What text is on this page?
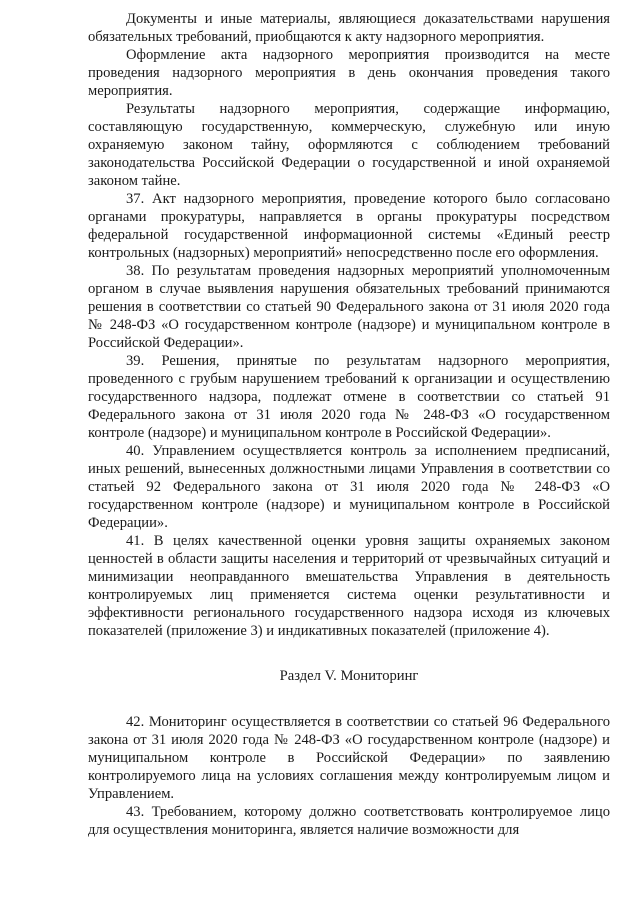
Документы и иные материалы, являющиеся доказательствами нарушения обязательных требований, приобщаются к акту надзорного мероприятия.

Оформление акта надзорного мероприятия производится на месте проведения надзорного мероприятия в день окончания проведения такого мероприятия.

Результаты надзорного мероприятия, содержащие информацию, составляющую государственную, коммерческую, служебную или иную охраняемую законом тайну, оформляются с соблюдением требований законодательства Российской Федерации о государственной и иной охраняемой законом тайне.

37. Акт надзорного мероприятия, проведение которого было согласовано органами прокуратуры, направляется в органы прокуратуры посредством федеральной государственной информационной системы «Единый реестр контрольных (надзорных) мероприятий» непосредственно после его оформления.

38. По результатам проведения надзорных мероприятий уполномоченным органом в случае выявления нарушения обязательных требований принимаются решения в соответствии со статьей 90 Федерального закона от 31 июля 2020 года № 248-ФЗ «О государственном контроле (надзоре) и муниципальном контроле в Российской Федерации».

39. Решения, принятые по результатам надзорного мероприятия, проведенного с грубым нарушением требований к организации и осуществлению государственного надзора, подлежат отмене в соответствии со статьей 91 Федерального закона от 31 июля 2020 года № 248-ФЗ «О государственном контроле (надзоре) и муниципальном контроле в Российской Федерации».

40. Управлением осуществляется контроль за исполнением предписаний, иных решений, вынесенных должностными лицами Управления в соответствии со статьей 92 Федерального закона от 31 июля 2020 года № 248-ФЗ «О государственном контроле (надзоре) и муниципальном контроле в Российской Федерации».

41. В целях качественной оценки уровня защиты охраняемых законом ценностей в области защиты населения и территорий от чрезвычайных ситуаций и минимизации неоправданного вмешательства Управления в деятельность контролируемых лиц применяется система оценки результативности и эффективности регионального государственного надзора исходя из ключевых показателей (приложение 3) и индикативных показателей (приложение 4).

Раздел V. Мониторинг

42. Мониторинг осуществляется в соответствии со статьей 96 Федерального закона от 31 июля 2020 года № 248-ФЗ «О государственном контроле (надзоре) и муниципальном контроле в Российской Федерации» по заявлению контролируемого лица на условиях соглашения между контролируемым лицом и Управлением.

43. Требованием, которому должно соответствовать контролируемое лицо для осуществления мониторинга, является наличие возможности для
